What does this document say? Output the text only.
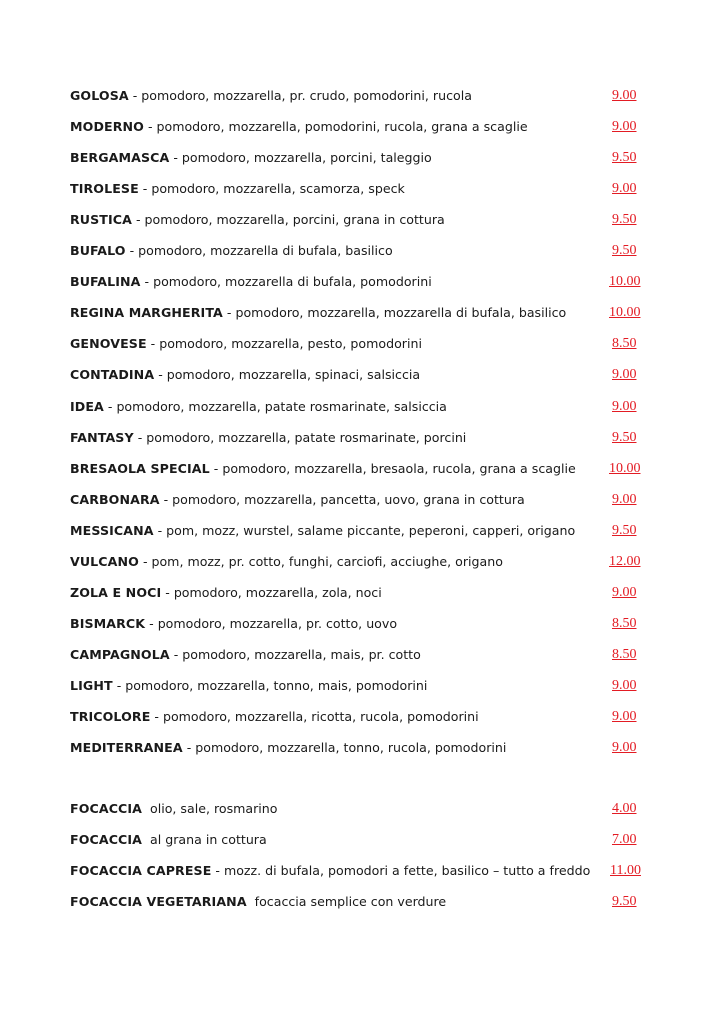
GOLOSA - pomodoro, mozzarella, pr. crudo, pomodorini, rucola	9.00
MODERNO - pomodoro, mozzarella, pomodorini, rucola, grana a scaglie	9.00
BERGAMASCA - pomodoro, mozzarella, porcini, taleggio	9.50
TIROLESE - pomodoro, mozzarella, scamorza, speck	9.00
RUSTICA - pomodoro, mozzarella, porcini, grana in cottura	9.50
BUFALO - pomodoro, mozzarella di bufala, basilico	9.50
BUFALINA - pomodoro, mozzarella di bufala, pomodorini	10.00
REGINA MARGHERITA - pomodoro, mozzarella, mozzarella di bufala, basilico	10.00
GENOVESE - pomodoro, mozzarella, pesto, pomodorini	8.50
CONTADINA - pomodoro, mozzarella, spinaci, salsiccia	9.00
IDEA - pomodoro, mozzarella, patate rosmarinate, salsiccia	9.00
FANTASY - pomodoro, mozzarella, patate rosmarinate, porcini	9.50
BRESAOLA SPECIAL - pomodoro, mozzarella, bresaola, rucola, grana a scaglie 10.00
CARBONARA - pomodoro, mozzarella, pancetta, uovo, grana in cottura	9.00
MESSICANA - pom, mozz, wurstel, salame piccante, peperoni, capperi, origano	9.50
VULCANO - pom, mozz, pr. cotto, funghi, carciofi, acciughe, origano	12.00
ZOLA E NOCI - pomodoro, mozzarella, zola, noci	9.00
BISMARCK - pomodoro, mozzarella, pr. cotto, uovo	8.50
CAMPAGNOLA - pomodoro, mozzarella, mais, pr. cotto	8.50
LIGHT - pomodoro, mozzarella, tonno, mais, pomodorini	9.00
TRICOLORE - pomodoro, mozzarella, ricotta, rucola, pomodorini	9.00
MEDITERRANEA - pomodoro, mozzarella, tonno, rucola, pomodorini	9.00
FOCACCIA olio, sale, rosmarino	4.00
FOCACCIA al grana in cottura	7.00
FOCACCIA CAPRESE - mozz. di bufala, pomodori a fette, basilico – tutto a freddo 11.00
FOCACCIA VEGETARIANA focaccia semplice con verdure	9.50
